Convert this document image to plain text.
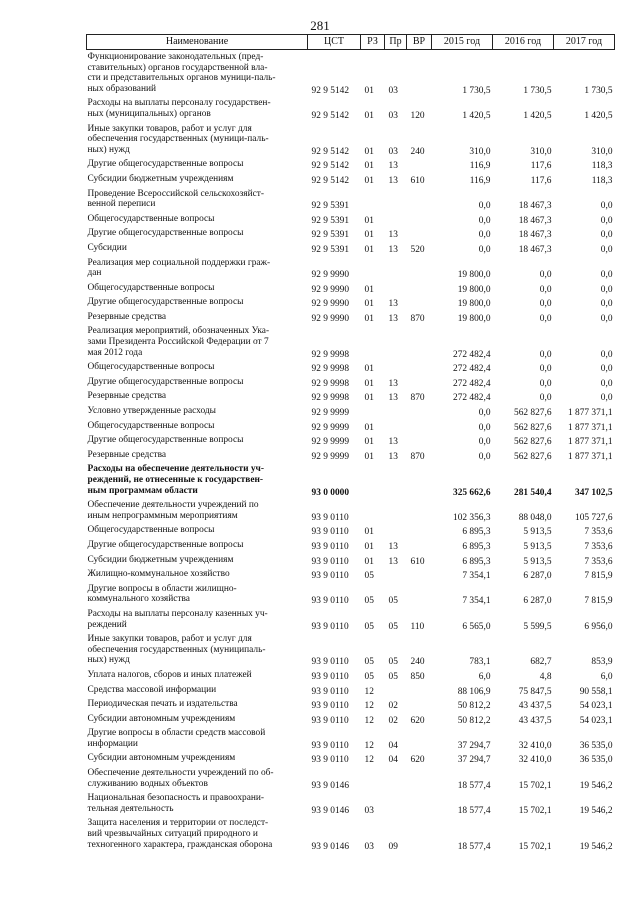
281
Наименование	ЦСТ	РЗ	Пр	ВР	2015 год	2016 год	2017 год
Функционирование законодательных (пред-
ставительных) органов государственной вла-
сти и представительных органов муници-паль-
ных образований	92 9 5142	01	03		1 730,5	1 730,5	1 730,5
Расходы на выплаты персоналу государствен-
ных (муниципальных) органов	92 9 5142	01	03	120	1 420,5	1 420,5	1 420,5
Иные закупки товаров, работ и услуг для
обеспечения государственных (муници-паль-
ных) нужд	92 9 5142	01	03	240	310,0	310,0	310,0
Другие общегосударственные вопросы	92 9 5142	01	13		116,9	117,6	118,3
Субсидии бюджетным учреждениям	92 9 5142	01	13	610	116,9	117,6	118,3
Проведение Всероссийской сельскохозяйст-
венной переписи	92 9 5391				0,0	18 467,3	0,0
Общегосударственные вопросы	92 9 5391	01			0,0	18 467,3	0,0
Другие общегосударственные вопросы	92 9 5391	01	13		0,0	18 467,3	0,0
Субсидии	92 9 5391	01	13	520	0,0	18 467,3	0,0
Реализация мер социальной поддержки граж-
дан	92 9 9990				19 800,0	0,0	0,0
Общегосударственные вопросы	92 9 9990	01			19 800,0	0,0	0,0
Другие общегосударственные вопросы	92 9 9990	01	13		19 800,0	0,0	0,0
Резервные средства	92 9 9990	01	13	870	19 800,0	0,0	0,0
Реализация мероприятий, обозначенных Ука-
зами Президента Российской Федерации от 7
мая 2012 года	92 9 9998				272 482,4	0,0	0,0
Общегосударственные вопросы	92 9 9998	01			272 482,4	0,0	0,0
Другие общегосударственные вопросы	92 9 9998	01	13		272 482,4	0,0	0,0
Резервные средства	92 9 9998	01	13	870	272 482,4	0,0	0,0
Условно утвержденные расходы	92 9 9999				0,0	562 827,6	1 877 371,1
Общегосударственные вопросы	92 9 9999	01			0,0	562 827,6	1 877 371,1
Другие общегосударственные вопросы	92 9 9999	01	13		0,0	562 827,6	1 877 371,1
Резервные средства	92 9 9999	01	13	870	0,0	562 827,6	1 877 371,1
Расходы на обеспечение деятельности уч-
реждений, не отнесенные к государствен-
ным программам области	93 0 0000				325 662,6	281 540,4	347 102,5
Обеспечение деятельности учреждений по
иным непрограммным мероприятиям	93 9 0110				102 356,3	88 048,0	105 727,6
Общегосударственные вопросы	93 9 0110	01			6 895,3	5 913,5	7 353,6
Другие общегосударственные вопросы	93 9 0110	01	13		6 895,3	5 913,5	7 353,6
Субсидии бюджетным учреждениям	93 9 0110	01	13	610	6 895,3	5 913,5	7 353,6
Жилищно-коммунальное хозяйство	93 9 0110	05			7 354,1	6 287,0	7 815,9
Другие вопросы в области жилищно-
коммунального хозяйства	93 9 0110	05	05		7 354,1	6 287,0	7 815,9
Расходы на выплаты персоналу казенных уч-
реждений	93 9 0110	05	05	110	6 565,0	5 599,5	6 956,0
Иные закупки товаров, работ и услуг для
обеспечения государственных (муниципаль-
ных) нужд	93 9 0110	05	05	240	783,1	682,7	853,9
Уплата налогов, сборов и иных платежей	93 9 0110	05	05	850	6,0	4,8	6,0
Средства массовой информации	93 9 0110	12			88 106,9	75 847,5	90 558,1
Периодическая печать и издательства	93 9 0110	12	02		50 812,2	43 437,5	54 023,1
Субсидии автономным учреждениям	93 9 0110	12	02	620	50 812,2	43 437,5	54 023,1
Другие вопросы в области средств массовой
информации	93 9 0110	12	04		37 294,7	32 410,0	36 535,0
Субсидии автономным учреждениям	93 9 0110	12	04	620	37 294,7	32 410,0	36 535,0
Обеспечение деятельности учреждений по об-
служиванию водных объектов	93 9 0146				18 577,4	15 702,1	19 546,2
Национальная безопасность и правоохрани-
тельная деятельность	93 9 0146	03			18 577,4	15 702,1	19 546,2
Защита населения и территории от последст-
вий чрезвычайных ситуаций природного и
техногенного характера, гражданская оборона	93 9 0146	03	09		18 577,4	15 702,1	19 546,2
